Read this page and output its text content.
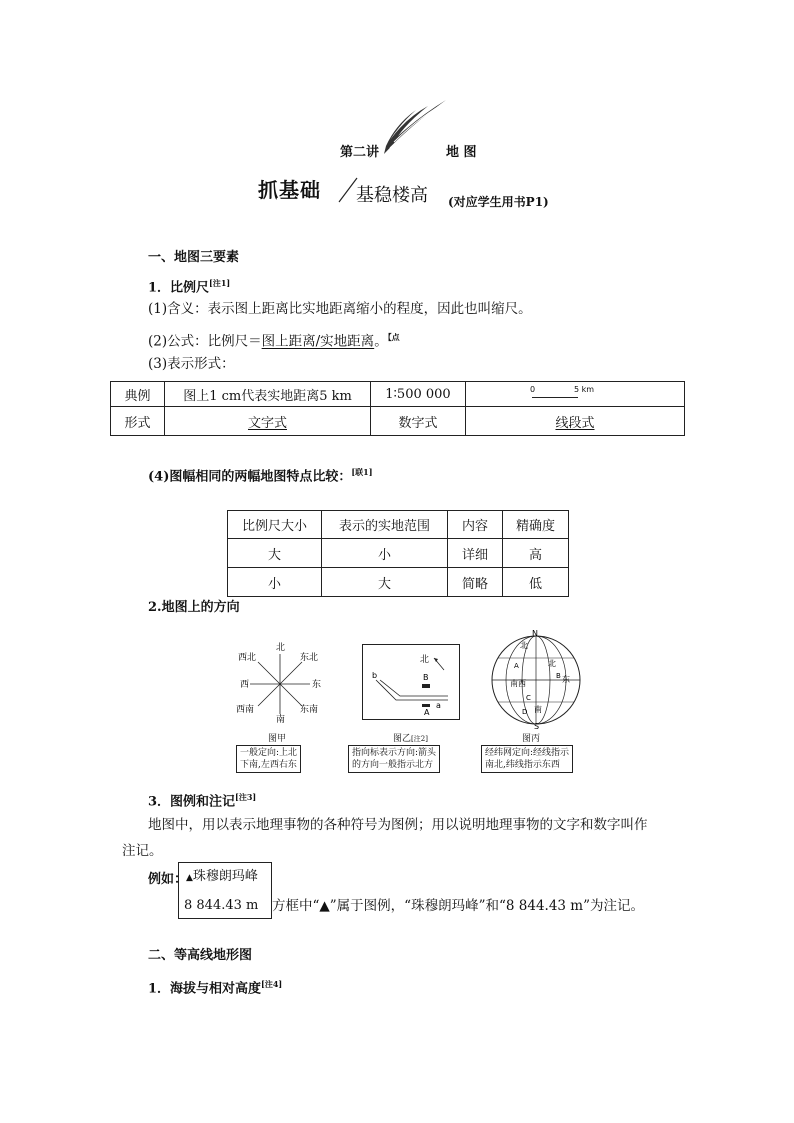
第二讲	地 图
抓基础 基稳楼高 (对应学生用书P1)
一、地图三要素
1．比例尺[注1]
(1)含义：表示图上距离比实地距离缩小的程度，因此也叫缩尺。
(2)公式：比例尺＝图上距离/实地距离。$^{【点}$
(3)表示形式：
典例	图上1 cm代表实地距离5 km	1∶500 000	0 5 km

形式	文字式	数字式	线段式
(4)图幅相同的两幅地图特点比较：[联1]
比例尺大小	表示的实地范围	内容	精确度
大	小	详细	高
小	大	简略	低
2.地图上的方向
北
东北
东
东南
南
西南
西
西北
图甲
一般定向:上北
下南,左西右东
北
b	B
a
A
图乙[注2]
指向标表示方向:箭头
的方向一般指示北方
N
S
北
北
南
南
西	东
A
B
C
D
图丙
经纬网定向:经线指示
南北,纬线指示东西
3．图例和注记[注3]
地图中，用以表示地理事物的各种符号为图例；用以说明地理事物的文字和数字叫作
注记。
例如：
▲珠穆朗玛峰
8 844.43 m 方框中“▲”属于图例，“珠穆朗玛峰”和“8 844.43 m”为注记。
二、等高线地形图
1．海拔与相对高度[注4]
